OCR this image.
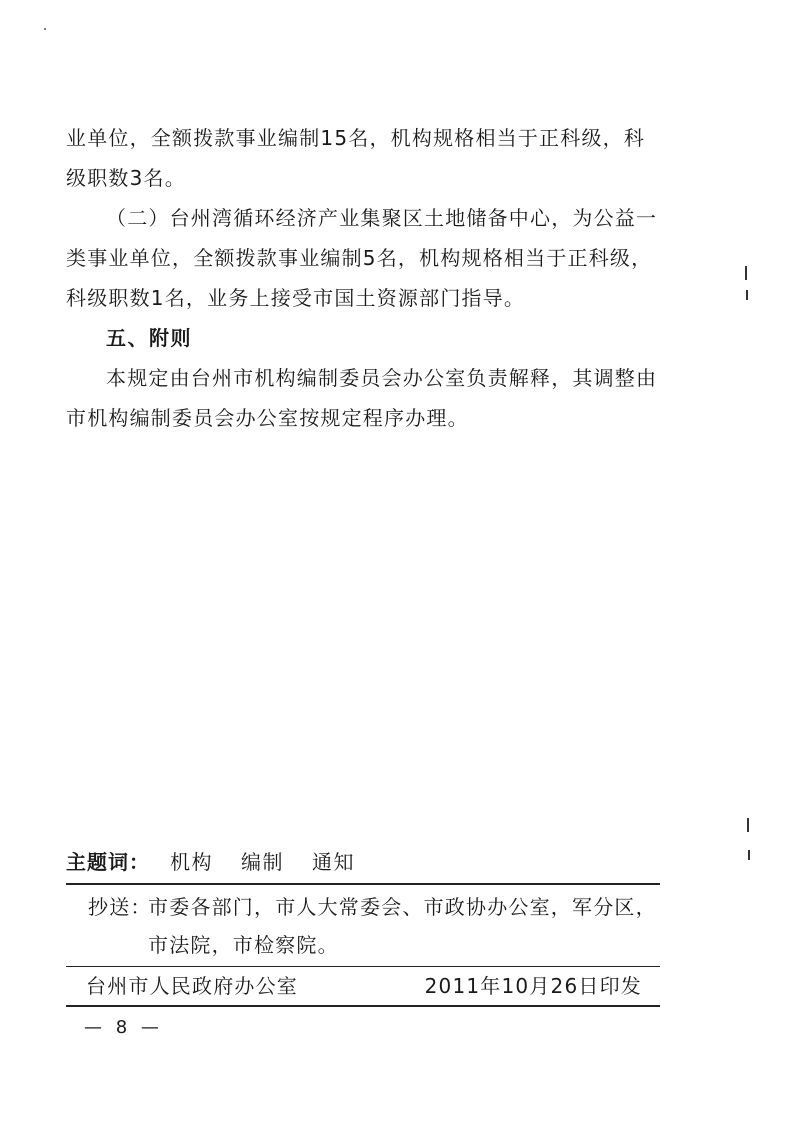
业单位，全额拨款事业编制15名，机构规格相当于正科级，科级职数3名。

（二）台州湾循环经济产业集聚区土地储备中心，为公益一类事业单位，全额拨款事业编制5名，机构规格相当于正科级，科级职数1名，业务上接受市国土资源部门指导。

五、附则

本规定由台州市机构编制委员会办公室负责解释，其调整由市机构编制委员会办公室按规定程序办理。

主题词： 机构 编制 通知
抄送：
市委各部门，市人大常委会、市政协办公室，军分区，市法院，市检察院。
台州市人民政府办公室	2011年10月26日印发
— 8 —
